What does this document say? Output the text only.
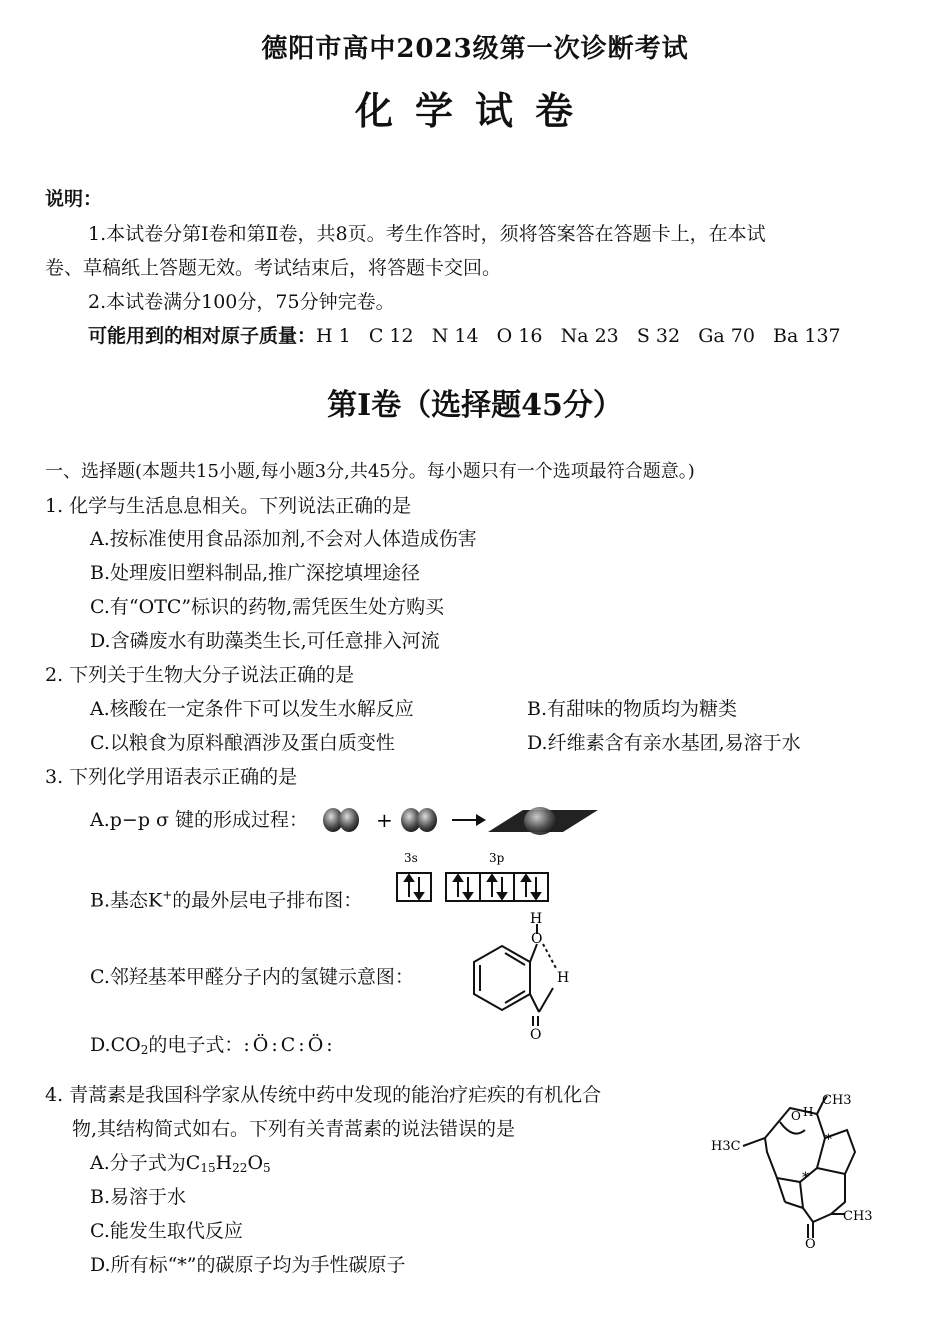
德阳市高中2023级第一次诊断考试
化学试卷
说明：
1.本试卷分第Ⅰ卷和第Ⅱ卷，共8页。考生作答时，须将答案答在答题卡上，在本试
卷、草稿纸上答题无效。考试结束后，将答题卡交回。
2.本试卷满分100分，75分钟完卷。
可能用到的相对原子质量：H 1   C 12   N 14   O 16   Na 23   S 32   Ga 70   Ba 137
第I卷（选择题45分）
一、选择题(本题共15小题,每小题3分,共45分。每小题只有一个选项最符合题意。)
1. 化学与生活息息相关。下列说法正确的是
A.按标准使用食品添加剂,不会对人体造成伤害
B.处理废旧塑料制品,推广深挖填埋途径
C.有“OTC”标识的药物,需凭医生处方购买
D.含磷废水有助藻类生长,可任意排入河流
2. 下列关于生物大分子说法正确的是
A.核酸在一定条件下可以发生水解反应	B.有甜味的物质均为糖类
C.以粮食为原料酿酒涉及蛋白质变性	D.纤维素含有亲水基团,易溶于水
3. 下列化学用语表示正确的是
A.p−p σ 键的形成过程：	+
B.基态K+的最外层电子排布图：
3s	3p
C.邻羟基苯甲醛分子内的氢键示意图：
H
O
H
O
$D.CO_2$的电子式：:Ö:C:Ö:
4. 青蒿素是我国科学家从传统中药中发现的能治疗疟疾的有机化合
物,其结构简式如右。下列有关青蒿素的说法错误的是
A.分子式为$C_{15}H_{22}O_5$
B.易溶于水
C.能发生取代反应
D.所有标“*”的碳原子均为手性碳原子
CH3
H3C
CH3
O
O H
*
*
